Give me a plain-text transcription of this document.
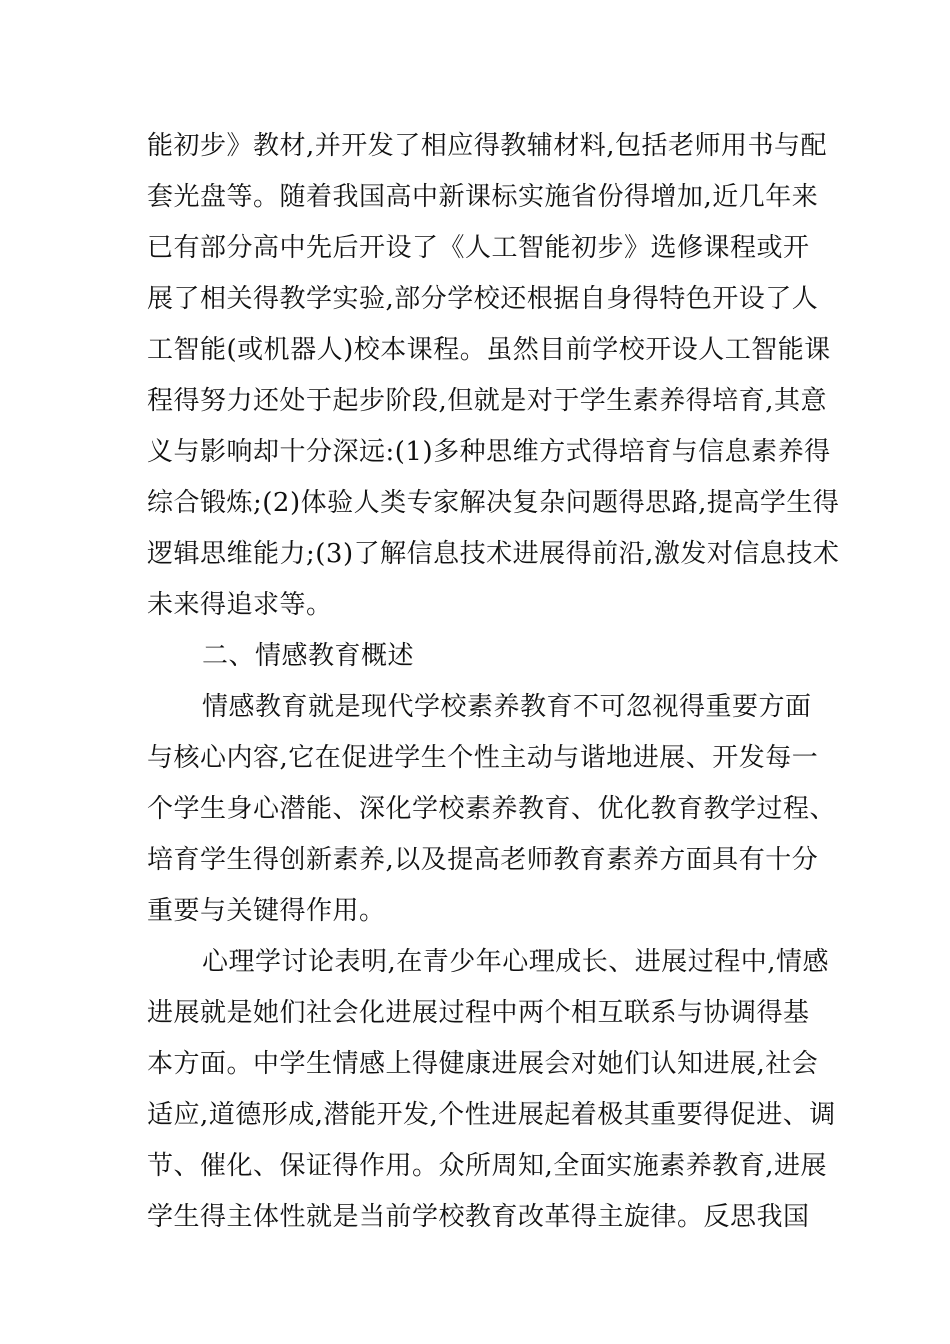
能初步》教材,并开发了相应得教辅材料,包括老师用书与配
套光盘等。随着我国高中新课标实施省份得增加,近几年来
已有部分高中先后开设了《人工智能初步》选修课程或开
展了相关得教学实验,部分学校还根据自身得特色开设了人
工智能(或机器人)校本课程。虽然目前学校开设人工智能课
程得努力还处于起步阶段,但就是对于学生素养得培育,其意
义与影响却十分深远:(1)多种思维方式得培育与信息素养得
综合锻炼;(2)体验人类专家解决复杂问题得思路,提高学生得
逻辑思维能力;(3)了解信息技术进展得前沿,激发对信息技术
未来得追求等。
二、情感教育概述
情感教育就是现代学校素养教育不可忽视得重要方面
与核心内容,它在促进学生个性主动与谐地进展、开发每一
个学生身心潜能、深化学校素养教育、优化教育教学过程、
培育学生得创新素养,以及提高老师教育素养方面具有十分
重要与关键得作用。
心理学讨论表明,在青少年心理成长、进展过程中,情感
进展就是她们社会化进展过程中两个相互联系与协调得基
本方面。中学生情感上得健康进展会对她们认知进展,社会
适应,道德形成,潜能开发,个性进展起着极其重要得促进、调
节、催化、保证得作用。众所周知,全面实施素养教育,进展
学生得主体性就是当前学校教育改革得主旋律。反思我国
